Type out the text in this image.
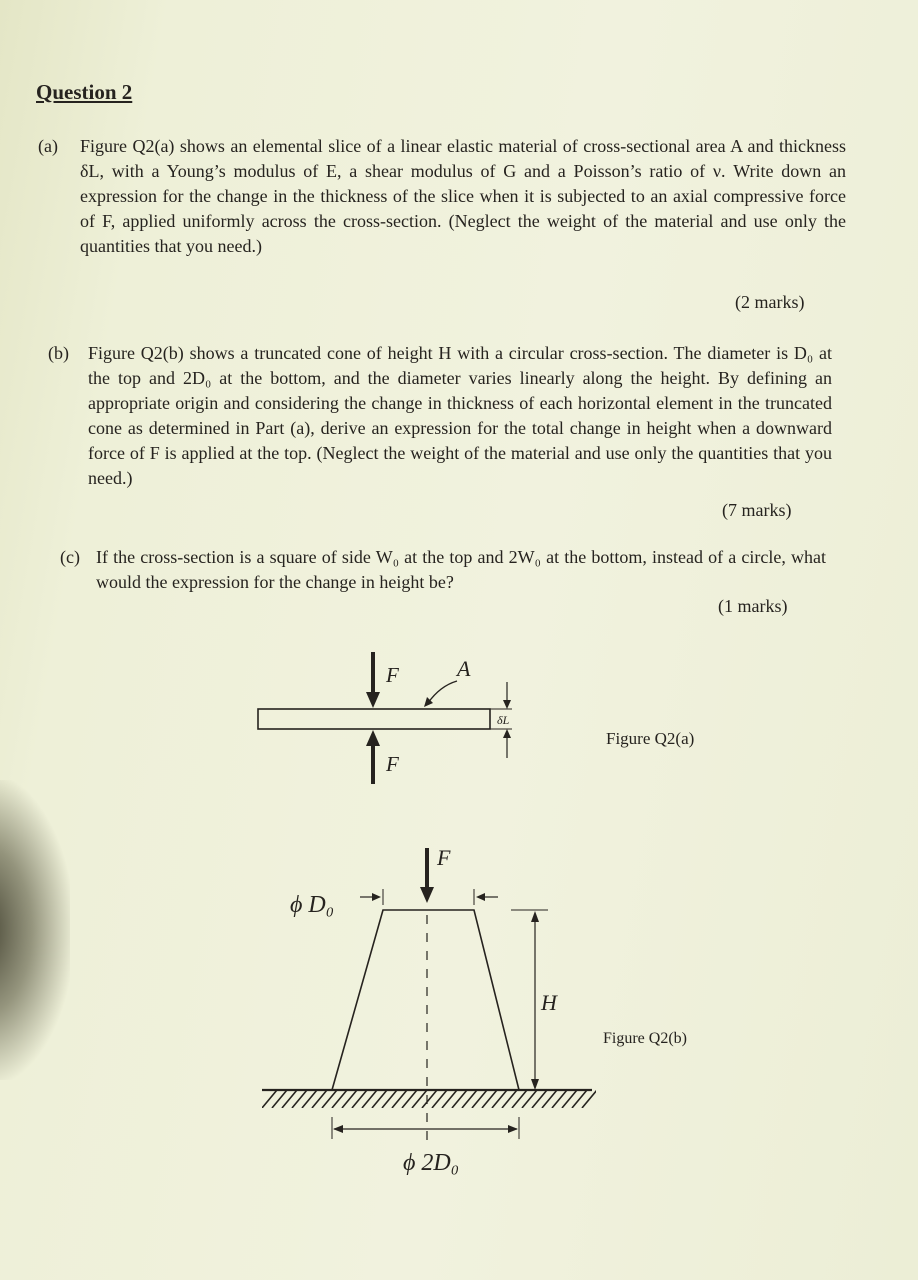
Question 2
(a) Figure Q2(a) shows an elemental slice of a linear elastic material of cross-sectional area A and thickness δL, with a Young’s modulus of E, a shear modulus of G and a Poisson’s ratio of ν. Write down an expression for the change in the thickness of the slice when it is subjected to an axial compressive force of F, applied uniformly across the cross-section. (Neglect the weight of the material and use only the quantities that you need.)

(2 marks)
(b) Figure Q2(b) shows a truncated cone of height H with a circular cross-section. The diameter is D₀ at the top and 2D₀ at the bottom, and the diameter varies linearly along the height. By defining an appropriate origin and considering the change in thickness of each horizontal element in the truncated cone as determined in Part (a), derive an expression for the total change in height when a downward force of F is applied at the top. (Neglect the weight of the material and use only the quantities that you need.)

(7 marks)
(c) If the cross-section is a square of side W₀ at the top and 2W₀ at the bottom, instead of a circle, what would the expression for the change in height be?

(1 marks)
F
F
A
δL
Figure Q2(a)
F
ϕ D₀
H
ϕ 2D₀
Figure Q2(b)
